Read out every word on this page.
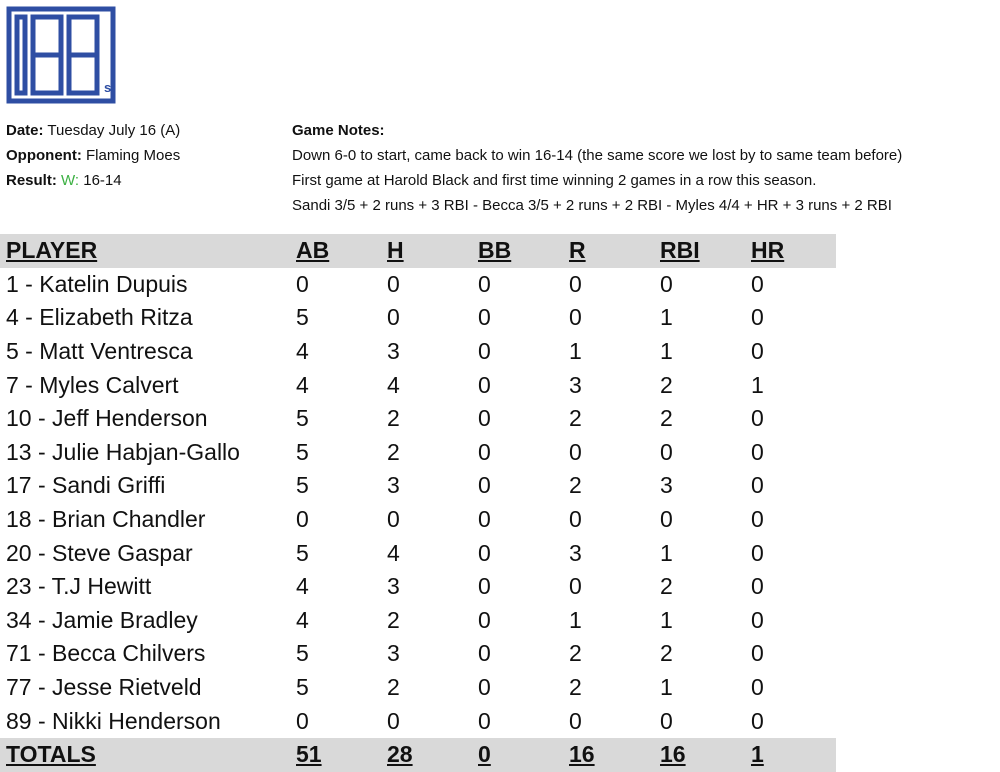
s
Date: Tuesday July 16 (A)
Opponent: Flaming Moes
Result: W: 16-14
Game Notes:
Down 6-0 to start, came back to win 16-14 (the same score we lost by to same team before)
First game at Harold Black and first time winning 2 games in a row this season.
Sandi 3/5 + 2 runs + 3 RBI - Becca 3/5 + 2 runs + 2 RBI - Myles 4/4 + HR + 3 runs + 2 RBI
PLAYER	AB	H	BB	R	RBI	HR
1 - Katelin Dupuis	0	0	0	0	0	0
4 - Elizabeth Ritza	5	0	0	0	1	0
5 - Matt Ventresca	4	3	0	1	1	0
7 - Myles Calvert	4	4	0	3	2	1
10 - Jeff Henderson	5	2	0	2	2	0
13 - Julie Habjan-Gallo	5	2	0	0	0	0
17 - Sandi Griffi	5	3	0	2	3	0
18 - Brian Chandler	0	0	0	0	0	0
20 - Steve Gaspar	5	4	0	3	1	0
23 - T.J Hewitt	4	3	0	0	2	0
34 - Jamie Bradley	4	2	0	1	1	0
71 - Becca Chilvers	5	3	0	2	2	0
77 - Jesse Rietveld	5	2	0	2	1	0
89 - Nikki Henderson	0	0	0	0	0	0
TOTALS	51	28	0	16	16	1
